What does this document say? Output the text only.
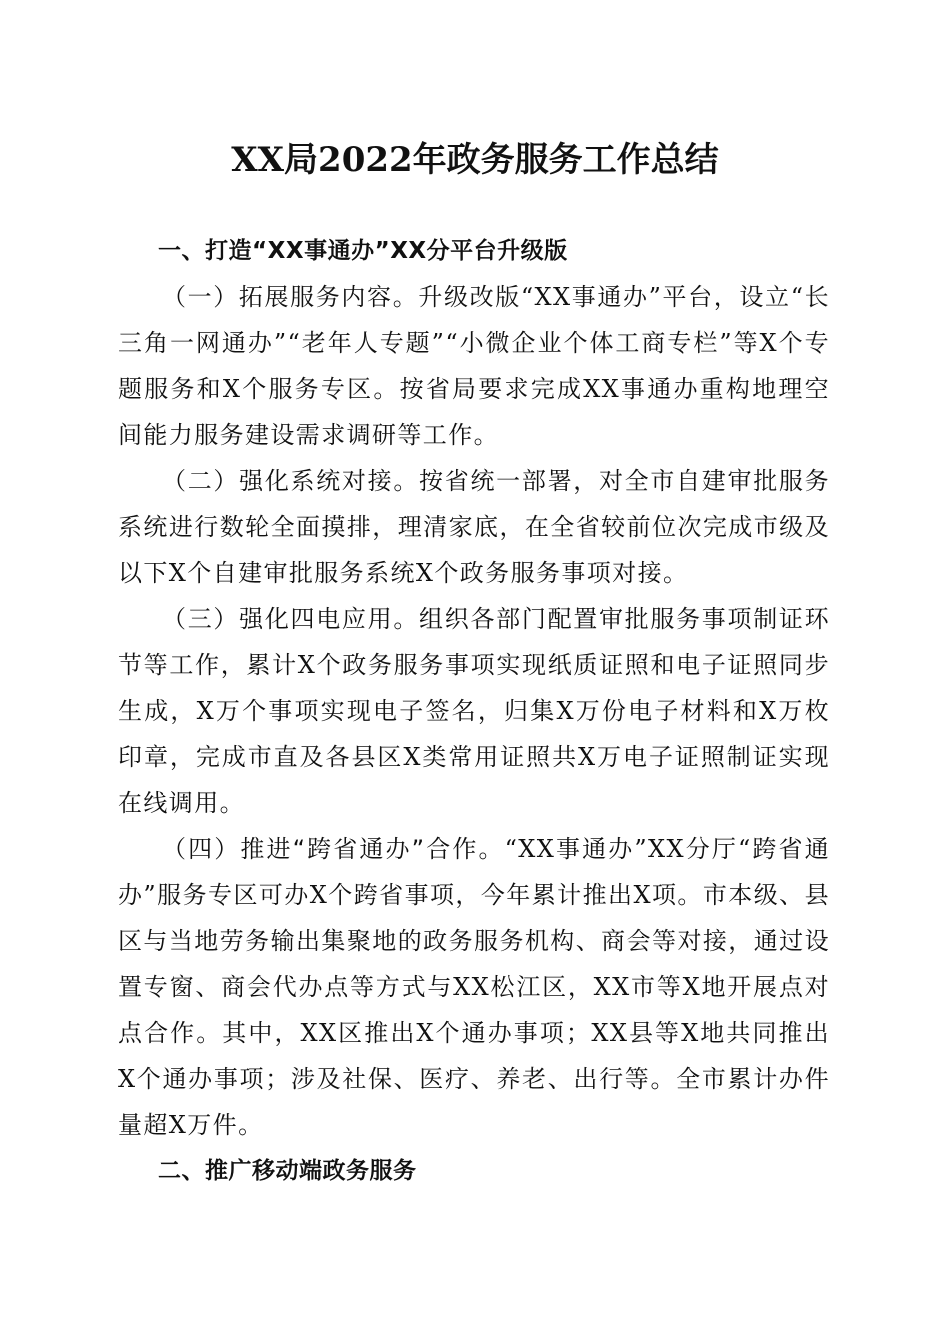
XX局2022年政务服务工作总结

一、打造“XX事通办”XX分平台升级版

（一）拓展服务内容。升级改版“XX事通办”平台，设立“长三角一网通办”“老年人专题”“小微企业个体工商专栏”等X个专题服务和X个服务专区。按省局要求完成XX事通办重构地理空间能力服务建设需求调研等工作。

（二）强化系统对接。按省统一部署，对全市自建审批服务系统进行数轮全面摸排，理清家底，在全省较前位次完成市级及以下X个自建审批服务系统X个政务服务事项对接。

（三）强化四电应用。组织各部门配置审批服务事项制证环节等工作，累计X个政务服务事项实现纸质证照和电子证照同步生成，X万个事项实现电子签名，归集X万份电子材料和X万枚印章，完成市直及各县区X类常用证照共X万电子证照制证实现在线调用。

（四）推进“跨省通办”合作。“XX事通办”XX分厅“跨省通办”服务专区可办X个跨省事项，今年累计推出X项。市本级、县区与当地劳务输出集聚地的政务服务机构、商会等对接，通过设置专窗、商会代办点等方式与XX松江区，XX市等X地开展点对点合作。其中，XX区推出X个通办事项；XX县等X地共同推出X个通办事项；涉及社保、医疗、养老、出行等。全市累计办件量超X万件。

二、推广移动端政务服务
